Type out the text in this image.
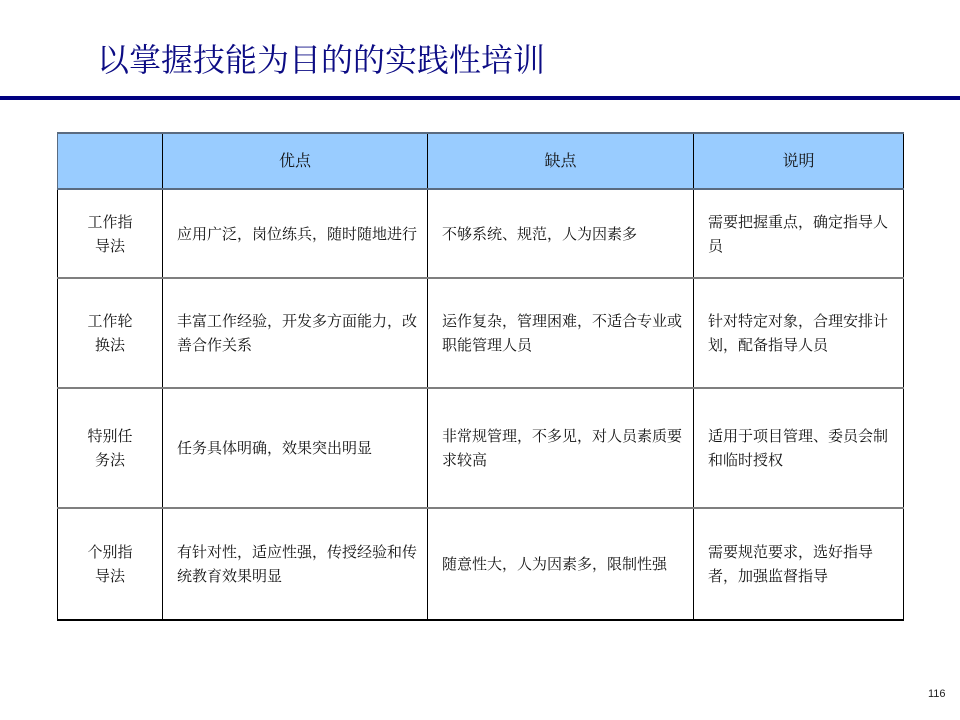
以掌握技能为目的的实践性培训
	优点	缺点	说明

工作指
导法	应用广泛，岗位练兵，随时随地进行	不够系统、规范，人为因素多	需要把握重点，确定指导人员

工作轮
换法	丰富工作经验，开发多方面能力，改善合作关系	运作复杂，管理困难，不适合专业或职能管理人员	针对特定对象，合理安排计划，配备指导人员

特别任
务法	任务具体明确，效果突出明显	非常规管理，不多见，对人员素质要求较高	适用于项目管理、委员会制和临时授权

个别指
导法	有针对性，适应性强，传授经验和传统教育效果明显	随意性大，人为因素多，限制性强	需要规范要求，选好指导者，加强监督指导
116
